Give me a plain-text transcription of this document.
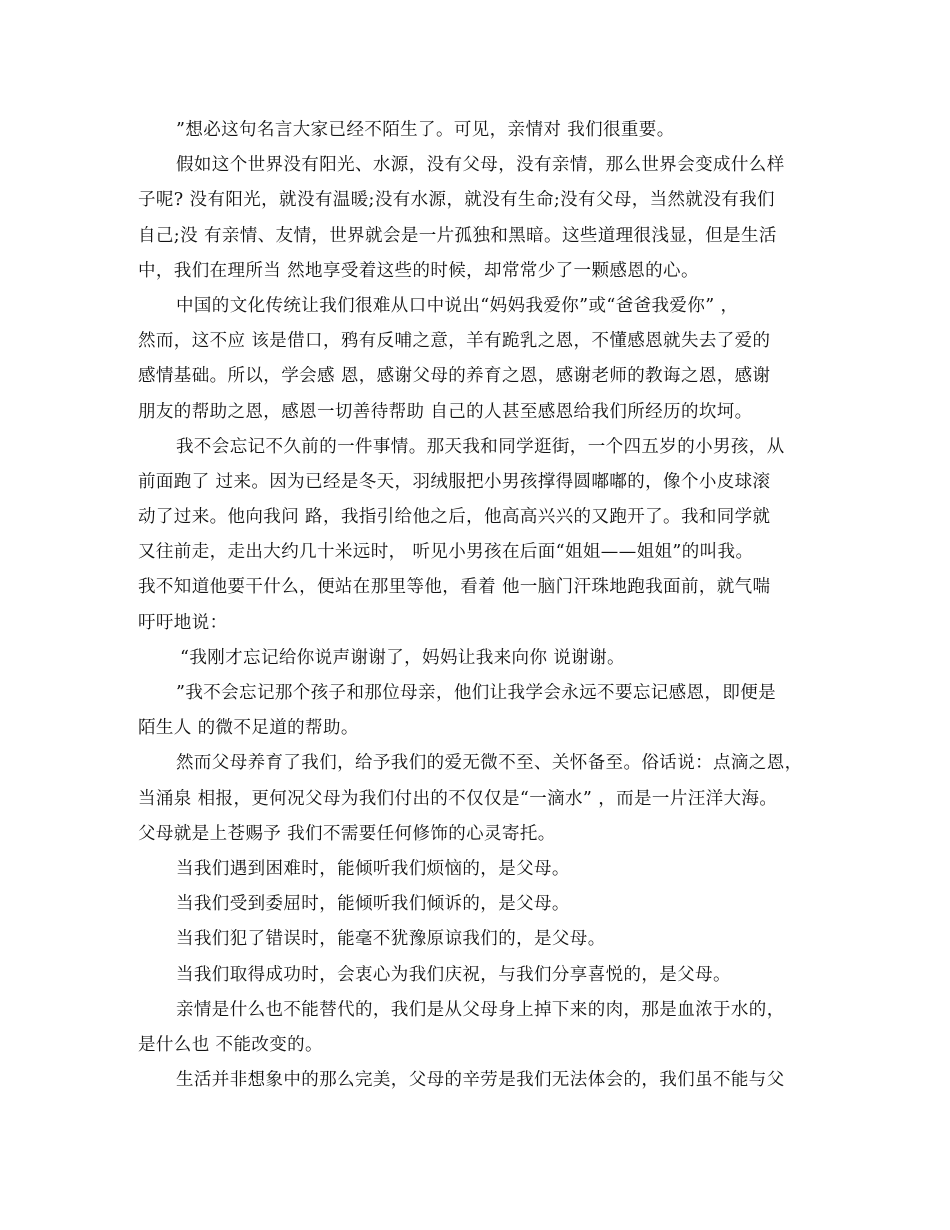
”想必这句名言大家已经不陌生了。可见，亲情对 我们很重要。
假如这个世界没有阳光、水源，没有父母，没有亲情，那么世界会变成什么样
子呢? 没有阳光，就没有温暖;没有水源，就没有生命;没有父母，当然就没有我们
自己;没 有亲情、友情，世界就会是一片孤独和黑暗。这些道理很浅显，但是生活
中，我们在理所当 然地享受着这些的时候，却常常少了一颗感恩的心。
中国的文化传统让我们很难从口中说出“妈妈我爱你”或“爸爸我爱你” ，
然而，这不应 该是借口，鸦有反哺之意，羊有跪乳之恩，不懂感恩就失去了爱的
感情基础。所以，学会感 恩，感谢父母的养育之恩，感谢老师的教诲之恩，感谢
朋友的帮助之恩，感恩一切善待帮助 自己的人甚至感恩给我们所经历的坎坷。
我不会忘记不久前的一件事情。那天我和同学逛街，一个四五岁的小男孩，从
前面跑了 过来。因为已经是冬天，羽绒服把小男孩撑得圆嘟嘟的，像个小皮球滚
动了过来。他向我问 路，我指引给他之后，他高高兴兴的又跑开了。我和同学就
又往前走，走出大约几十米远时， 听见小男孩在后面“姐姐——姐姐”的叫我。
我不知道他要干什么，便站在那里等他，看着 他一脑门汗珠地跑我面前，就气喘
吁吁地说：
“我刚才忘记给你说声谢谢了，妈妈让我来向你 说谢谢。
”我不会忘记那个孩子和那位母亲，他们让我学会永远不要忘记感恩，即便是
陌生人 的微不足道的帮助。
然而父母养育了我们，给予我们的爱无微不至、关怀备至。俗话说：点滴之恩，
当涌泉 相报，更何况父母为我们付出的不仅仅是“一滴水” ，而是一片汪洋大海。
父母就是上苍赐予 我们不需要任何修饰的心灵寄托。
当我们遇到困难时，能倾听我们烦恼的，是父母。
当我们受到委屈时，能倾听我们倾诉的，是父母。
当我们犯了错误时，能毫不犹豫原谅我们的，是父母。
当我们取得成功时，会衷心为我们庆祝，与我们分享喜悦的，是父母。
亲情是什么也不能替代的，我们是从父母身上掉下来的肉，那是血浓于水的，
是什么也 不能改变的。
生活并非想象中的那么完美，父母的辛劳是我们无法体会的，我们虽不能与父
